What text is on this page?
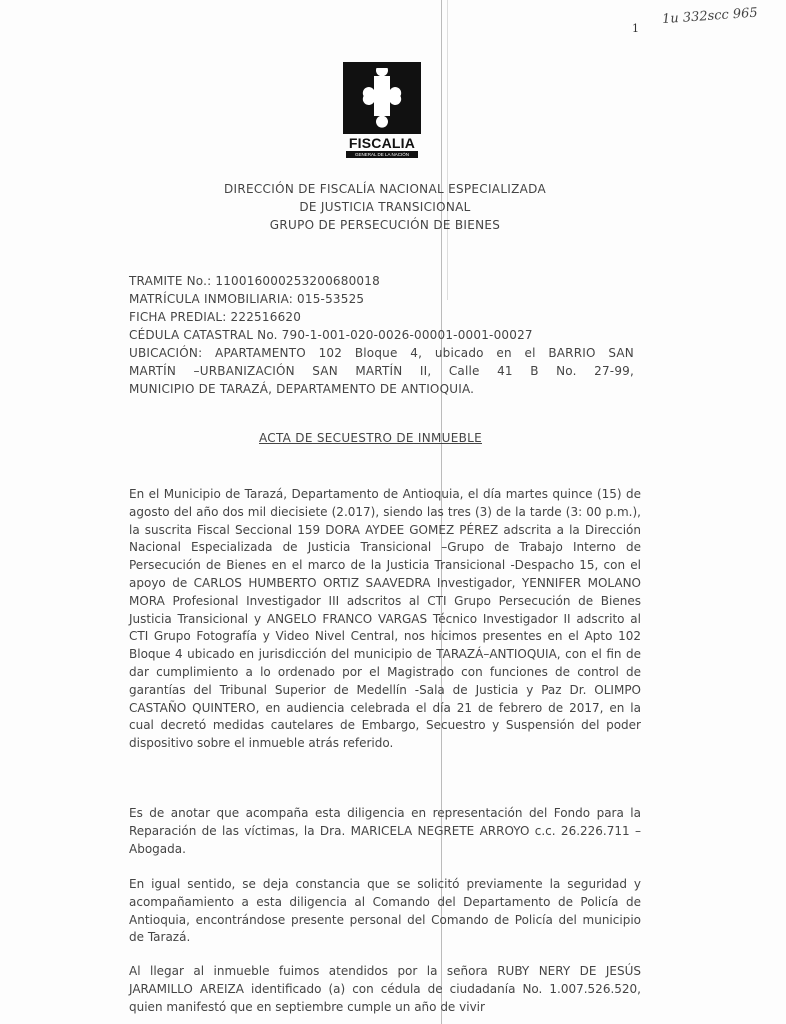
1u 332scc 965
1
FISCALIA
GENERAL DE LA NACIÓN
DIRECCIÓN DE FISCALÍA NACIONAL ESPECIALIZADA
DE JUSTICIA TRANSICIONAL
GRUPO DE PERSECUCIÓN DE BIENES
TRAMITE No.: 110016000253200680018
MATRÍCULA INMOBILIARIA: 015-53525
FICHA PREDIAL: 222516620
CÉDULA CATASTRAL No. 790-1-001-020-0026-00001-0001-00027
UBICACIÓN: APARTAMENTO 102 Bloque 4, ubicado en el BARRIO SAN
MARTÍN –URBANIZACIÓN SAN MARTÍN II, Calle 41 B No. 27-99,
MUNICIPIO DE TARAZÁ, DEPARTAMENTO DE ANTIOQUIA.
ACTA DE SECUESTRO DE INMUEBLE
En el Municipio de Tarazá, Departamento de Antioquia, el día martes quince (15) de agosto del año dos mil diecisiete (2.017), siendo las tres (3) de la tarde (3: 00 p.m.), la suscrita Fiscal Seccional 159 DORA AYDEE GOMEZ PÉREZ adscrita a la Dirección Nacional Especializada de Justicia Transicional –Grupo de Trabajo Interno de Persecución de Bienes en el marco de la Justicia Transicional -Despacho 15, con el apoyo de CARLOS HUMBERTO ORTIZ SAAVEDRA Investigador, YENNIFER MOLANO MORA Profesional Investigador III adscritos al CTI Grupo Persecución de Bienes Justicia Transicional y ANGELO FRANCO VARGAS Técnico Investigador II adscrito al CTI Grupo Fotografía y Video Nivel Central, nos hicimos presentes en el Apto 102 Bloque 4 ubicado en jurisdicción del municipio de TARAZÁ–ANTIOQUIA, con el fin de dar cumplimiento a lo ordenado por el Magistrado con funciones de control de garantías del Tribunal Superior de Medellín -Sala de Justicia y Paz Dr. OLIMPO CASTAÑO QUINTERO, en audiencia celebrada el día 21 de febrero de 2017, en la cual decretó medidas cautelares de Embargo, Secuestro y Suspensión del poder dispositivo sobre el inmueble atrás referido.
Es de anotar que acompaña esta diligencia en representación del Fondo para la Reparación de las víctimas, la Dra. MARICELA NEGRETE ARROYO c.c. 26.226.711 –Abogada.
En igual sentido, se deja constancia que se solicitó previamente la seguridad y acompañamiento a esta diligencia al Comando del Departamento de Policía de Antioquia, encontrándose presente personal del Comando de Policía del municipio de Tarazá.
Al llegar al inmueble fuimos atendidos por la señora RUBY NERY DE JESÚS JARAMILLO AREIZA identificado (a) con cédula de ciudadanía No. 1.007.526.520, quien manifestó que en septiembre cumple un año de vivir
